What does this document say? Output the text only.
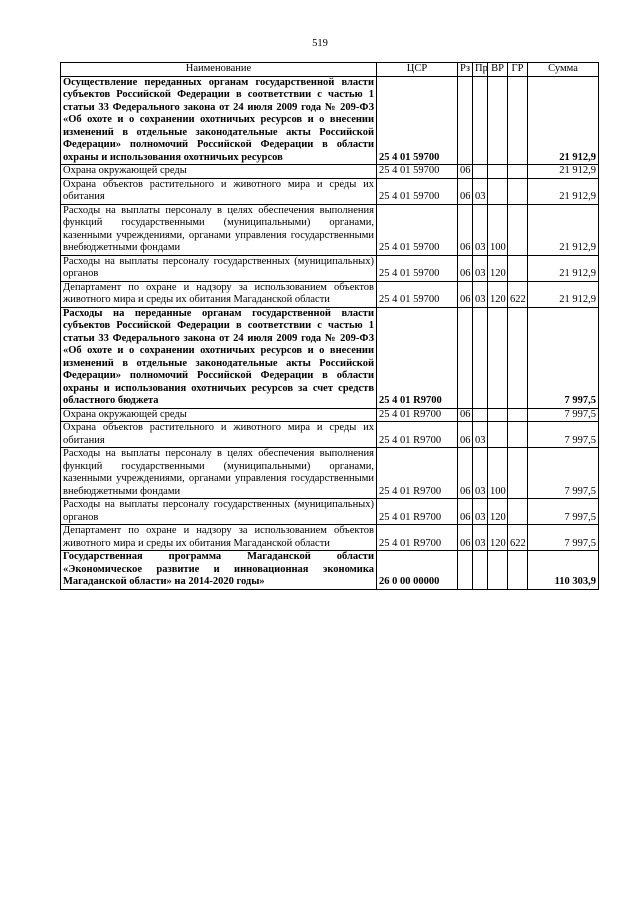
519
Наименование	ЦСР	Рз	Пр	ВР	ГР	Сумма
Осуществление переданных органам государственной власти субъектов Российской Федерации в соответствии с частью 1 статьи 33 Федерального закона от 24 июля 2009 года № 209-ФЗ «Об охоте и о сохранении охотничьих ресурсов и о внесении изменений в отдельные законодательные акты Российской Федерации» полномочий Российской Федерации в области охраны и использования охотничьих ресурсов	25 4 01 59700					21 912,9
Охрана окружающей среды	25 4 01 59700	06				21 912,9
Охрана объектов растительного и животного мира и среды их обитания	25 4 01 59700	06	03			21 912,9
Расходы на выплаты персоналу в целях обеспечения выполнения функций государственными (муниципальными) органами, казенными учреждениями, органами управления государственными внебюджетными фондами	25 4 01 59700	06	03	100		21 912,9
Расходы на выплаты персоналу государственных (муниципальных) органов	25 4 01 59700	06	03	120		21 912,9
Департамент по охране и надзору за использованием объектов животного мира и среды их обитания Магаданской области	25 4 01 59700	06	03	120	622	21 912,9
Расходы на переданные органам государственной власти субъектов Российской Федерации в соответствии с частью 1 статьи 33 Федерального закона от 24 июля 2009 года № 209-ФЗ «Об охоте и о сохранении охотничьих ресурсов и о внесении изменений в отдельные законодательные акты Российской Федерации» полномочий Российской Федерации в области охраны и использования охотничьих ресурсов за счет средств областного бюджета	25 4 01 R9700					7 997,5
Охрана окружающей среды	25 4 01 R9700	06				7 997,5
Охрана объектов растительного и животного мира и среды их обитания	25 4 01 R9700	06	03			7 997,5
Расходы на выплаты персоналу в целях обеспечения выполнения функций государственными (муниципальными) органами, казенными учреждениями, органами управления государственными внебюджетными фондами	25 4 01 R9700	06	03	100		7 997,5
Расходы на выплаты персоналу государственных (муниципальных) органов	25 4 01 R9700	06	03	120		7 997,5
Департамент по охране и надзору за использованием объектов животного мира и среды их обитания Магаданской области	25 4 01 R9700	06	03	120	622	7 997,5
Государственная программа Магаданской области «Экономическое развитие и инновационная экономика Магаданской области» на 2014-2020 годы»	26 0 00 00000					110 303,9
